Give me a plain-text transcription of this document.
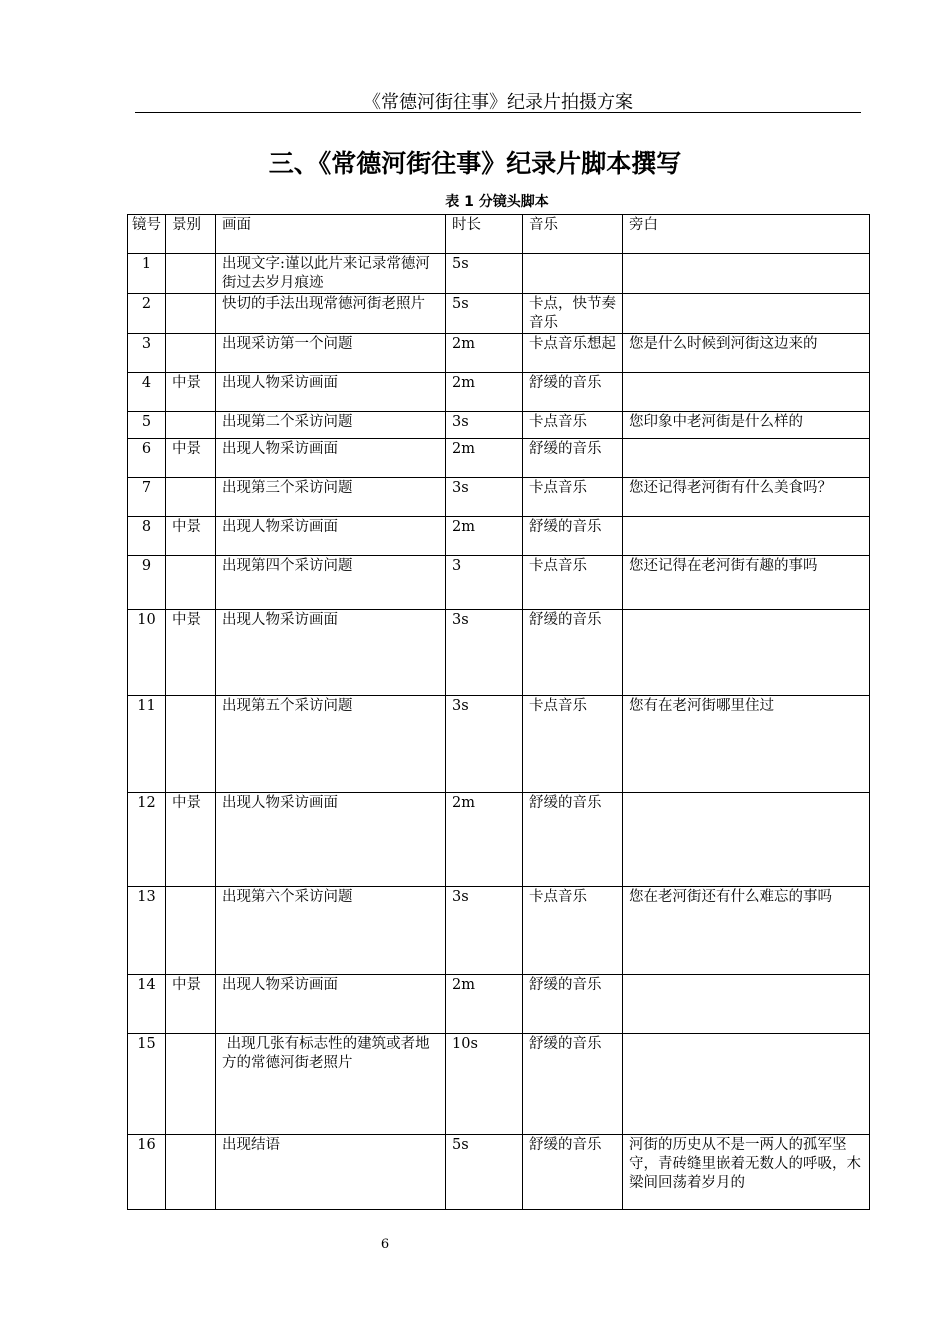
《常德河街往事》纪录片拍摄方案
三、《常德河街往事》纪录片脚本撰写
表 1 分镜头脚本
镜号	景别	画面	时长	音乐	旁白
1		出现文字:谨以此片来记录常德河街过去岁月痕迹	5s		
2		快切的手法出现常德河街老照片	5s	卡点，快节奏音乐	
3		出现采访第一个问题	2m	卡点音乐想起	您是什么时候到河街这边来的
4	中景	出现人物采访画面	2m	舒缓的音乐	
5		出现第二个采访问题	3s	卡点音乐	您印象中老河街是什么样的
6	中景	出现人物采访画面	2m	舒缓的音乐	
7		出现第三个采访问题	3s	卡点音乐	您还记得老河街有什么美食吗？
8	中景	出现人物采访画面	2m	舒缓的音乐	
9		出现第四个采访问题	3	卡点音乐	您还记得在老河街有趣的事吗
10	中景	出现人物采访画面	3s	舒缓的音乐	
11		出现第五个采访问题	3s	卡点音乐	您有在老河街哪里住过
12	中景	出现人物采访画面	2m	舒缓的音乐	
13		出现第六个采访问题	3s	卡点音乐	您在老河街还有什么难忘的事吗
14	中景	出现人物采访画面	2m	舒缓的音乐	
15		出现几张有标志性的建筑或者地方的常德河街老照片	10s	舒缓的音乐	
16		出现结语	5s	舒缓的音乐	河街的历史从不是一两人的孤军坚守，青砖缝里嵌着无数人的呼吸，木梁间回荡着岁月的
6
